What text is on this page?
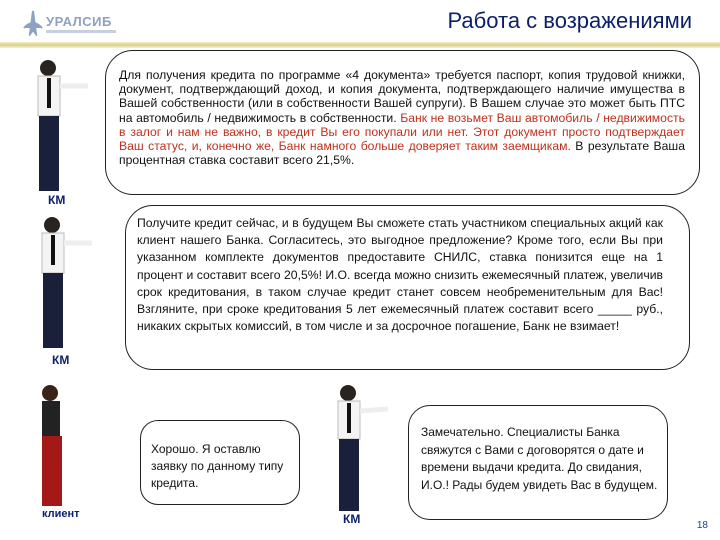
УРАЛСИБ	Работа с возражениями
Для получения кредита по программе «4 документа» требуется паспорт, копия трудовой книжки, документ, подтверждающий доход, и копия документа, подтверждающего наличие имущества в Вашей собственности (или в собственности Вашей супруги). В Вашем случае это может быть ПТС на автомобиль / недвижимость в собственности. Банк не возьмет Ваш автомобиль / недвижимость в залог и нам не важно, в кредит Вы его покупали или нет. Этот документ просто подтверждает Ваш статус, и, конечно же, Банк намного больше доверяет таким заемщикам. В результате Ваша процентная ставка составит всего 21,5%.
КМ
Получите кредит сейчас, и в будущем Вы сможете стать участником специальных акций как клиент нашего Банка. Согласитесь, это выгодное предложение? Кроме того, если Вы при указанном комплекте документов предоставите СНИЛС, ставка понизится еще на 1 процент и составит всего 20,5%! И.О. всегда можно снизить ежемесячный платеж, увеличив срок кредитования, в таком случае кредит станет совсем необременительным для Вас! Взгляните, при сроке кредитования 5 лет ежемесячный платеж составит всего _____ руб., никаких скрытых комиссий, в том числе и за досрочное погашение, Банк не взимает!
КМ
Хорошо. Я оставлю заявку по данному типу кредита.
клиент
Замечательно. Специалисты Банка свяжутся с Вами с договорятся о дате и времени выдачи кредита. До свидания, И.О.! Рады будем увидеть Вас в будущем.
КМ	18
